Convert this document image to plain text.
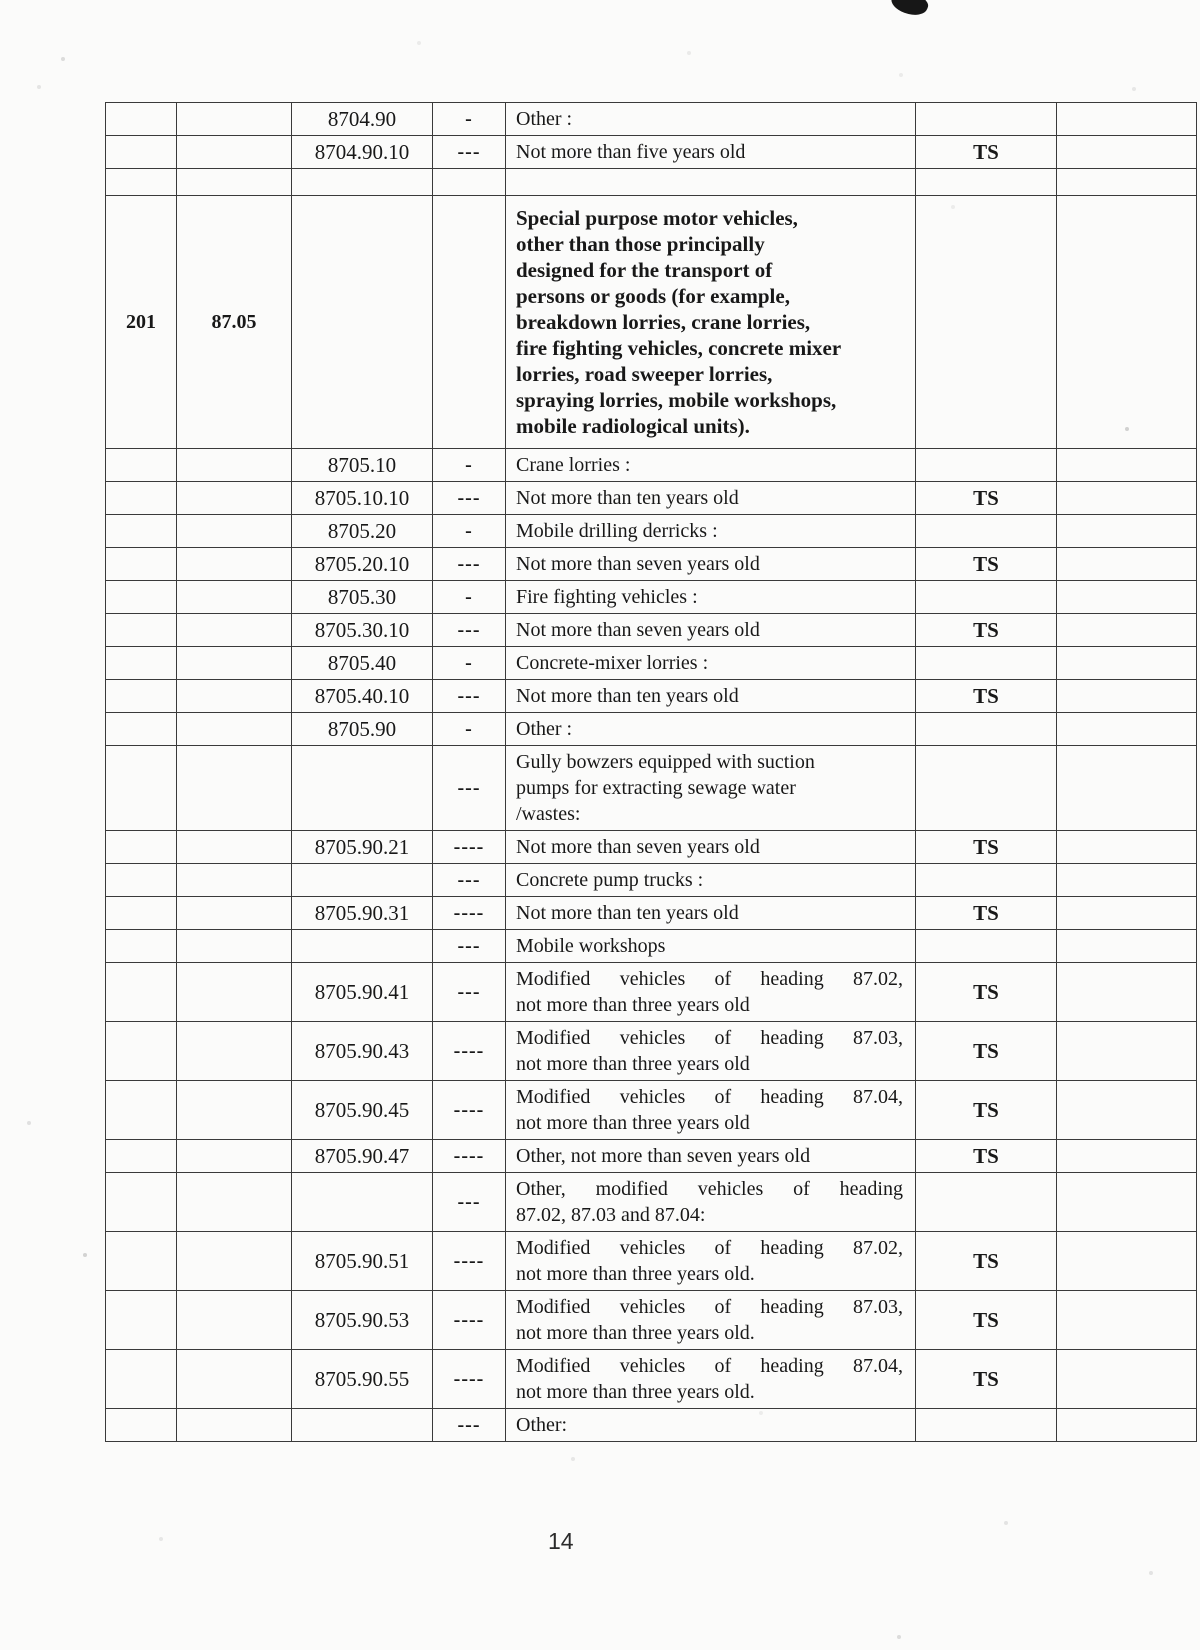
		8704.90	-	Other :		
		8704.90.10	---	Not more than five years old	TS	

201	87.05			
Special purpose motor vehicles,
other than those principally
designed for the transport of
persons or goods (for example,
breakdown lorries, crane lorries,
fire fighting vehicles, concrete mixer
lorries, road sweeper lorries,
spraying lorries, mobile workshops,
mobile radiological units).

		8705.10	-	Crane lorries :		
		8705.10.10	---	Not more than ten years old	TS	
		8705.20	-	Mobile drilling derricks :		
		8705.20.10	---	Not more than seven years old	TS	
		8705.30	-	Fire fighting vehicles :		
		8705.30.10	---	Not more than seven years old	TS	
		8705.40	-	Concrete-mixer lorries :		
		8705.40.10	---	Not more than ten years old	TS	
		8705.90	-	Other :		
			---	Gully bowzers equipped with suction
pumps for extracting sewage water
/wastes:		

		8705.90.21	----	Not more than seven years old	TS	
			---	Concrete pump trucks :		
		8705.90.31	----	Not more than ten years old	TS	
			---	Mobile workshops		
		8705.90.41	---	Modified vehicles of heading 87.02,
not more than three years old	TS	
		8705.90.43	----	Modified vehicles of heading 87.03,
not more than three years old	TS	
		8705.90.45	----	Modified vehicles of heading 87.04,
not more than three years old	TS	
		8705.90.47	----	Other, not more than seven years old	TS	
			---	Other, modified vehicles of heading
87.02, 87.03 and 87.04:		

		8705.90.51	----	Modified vehicles of heading 87.02,
not more than three years old.	TS	
		8705.90.53	----	Modified vehicles of heading 87.03,
not more than three years old.	TS	
		8705.90.55	----	Modified vehicles of heading 87.04,
not more than three years old.	TS	
			---	Other:		
14
